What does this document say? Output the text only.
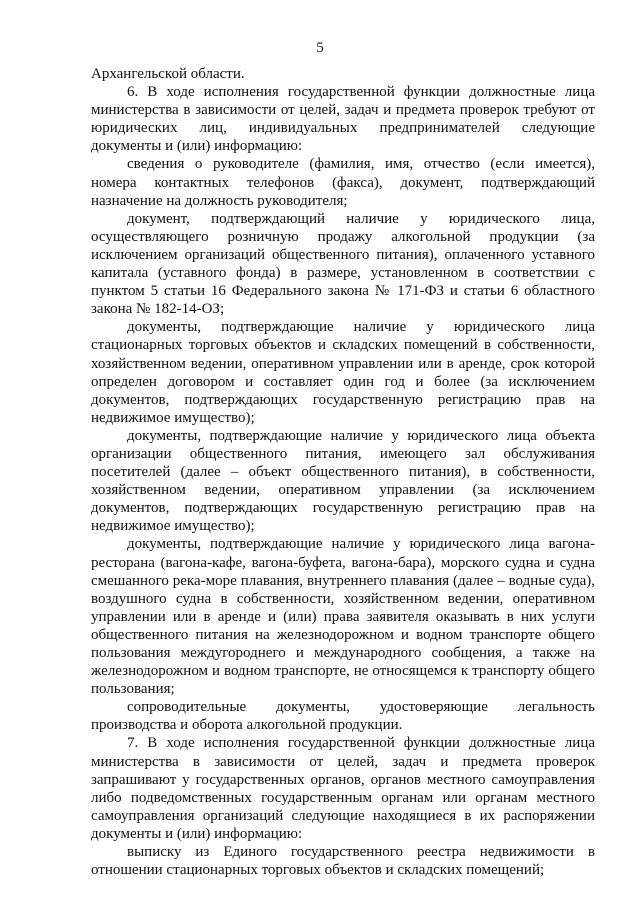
5

Архангельской области.

6. В ходе исполнения государственной функции должностные лица министерства в зависимости от целей, задач и предмета проверок требуют от юридических лиц, индивидуальных предпринимателей следующие документы и (или) информацию:

сведения о руководителе (фамилия, имя, отчество (если имеется), номера контактных телефонов (факса), документ, подтверждающий назначение на должность руководителя;

документ, подтверждающий наличие у юридического лица, осуществляющего розничную продажу алкогольной продукции (за исключением организаций общественного питания), оплаченного уставного капитала (уставного фонда) в размере, установленном в соответствии с пунктом 5 статьи 16 Федерального закона № 171-ФЗ и статьи 6 областного закона № 182-14-ОЗ;

документы, подтверждающие наличие у юридического лица стационарных торговых объектов и складских помещений в собственности, хозяйственном ведении, оперативном управлении или в аренде, срок которой определен договором и составляет один год и более (за исключением документов, подтверждающих государственную регистрацию прав на недвижимое имущество);

документы, подтверждающие наличие у юридического лица объекта организации общественного питания, имеющего зал обслуживания посетителей (далее – объект общественного питания), в собственности, хозяйственном ведении, оперативном управлении (за исключением документов, подтверждающих государственную регистрацию прав на недвижимое имущество);

документы, подтверждающие наличие у юридического лица вагона-ресторана (вагона-кафе, вагона-буфета, вагона-бара), морского судна и судна смешанного река-море плавания, внутреннего плавания (далее – водные суда), воздушного судна в собственности, хозяйственном ведении, оперативном управлении или в аренде и (или) права заявителя оказывать в них услуги общественного питания на железнодорожном и водном транспорте общего пользования междугороднего и международного сообщения, а также на железнодорожном и водном транспорте, не относящемся к транспорту общего пользования;

сопроводительные документы, удостоверяющие легальность производства и оборота алкогольной продукции.

7. В ходе исполнения государственной функции должностные лица министерства в зависимости от целей, задач и предмета проверок запрашивают у государственных органов, органов местного самоуправления либо подведомственных государственным органам или органам местного самоуправления организаций следующие находящиеся в их распоряжении документы и (или) информацию:

выписку из Единого государственного реестра недвижимости в отношении стационарных торговых объектов и складских помещений;
